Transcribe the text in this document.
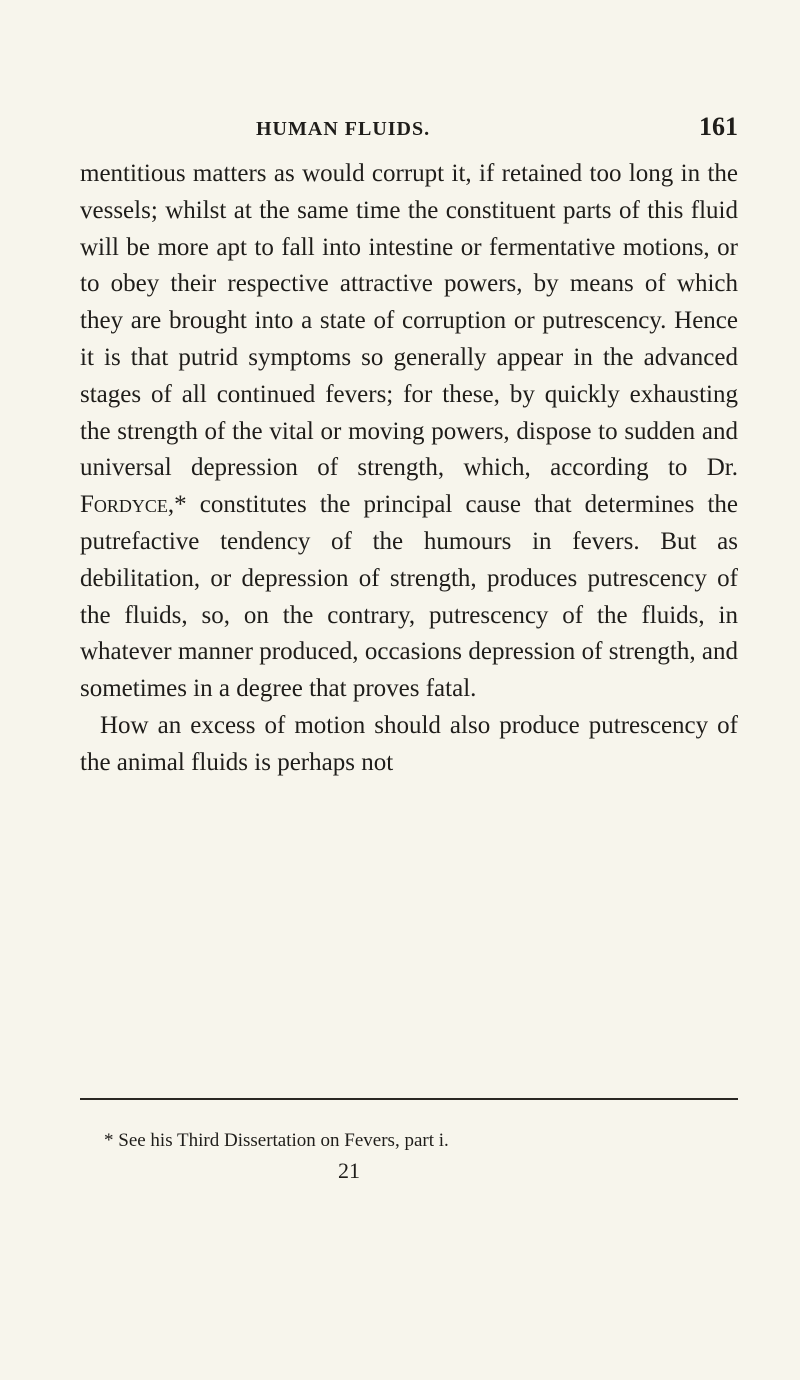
HUMAN FLUIDS.	161

mentitious matters as would corrupt it, if retained too long in the vessels; whilst at the same time the constituent parts of this fluid will be more apt to fall into intestine or fermentative motions, or to obey their respective attractive powers, by means of which they are brought into a state of corruption or putrescency. Hence it is that putrid symptoms so generally appear in the advanced stages of all continued fevers; for these, by quickly exhausting the strength of the vital or moving powers, dispose to sudden and universal depression of strength, which, according to Dr. Fordyce,* constitutes the principal cause that determines the putrefactive tendency of the humours in fevers. But as debilitation, or depression of strength, produces putrescency of the fluids, so, on the contrary, putrescency of the fluids, in whatever manner produced, occasions depression of strength, and sometimes in a degree that proves fatal.

How an excess of motion should also produce putrescency of the animal fluids is perhaps not

* See his Third Dissertation on Fevers, part i.
21
